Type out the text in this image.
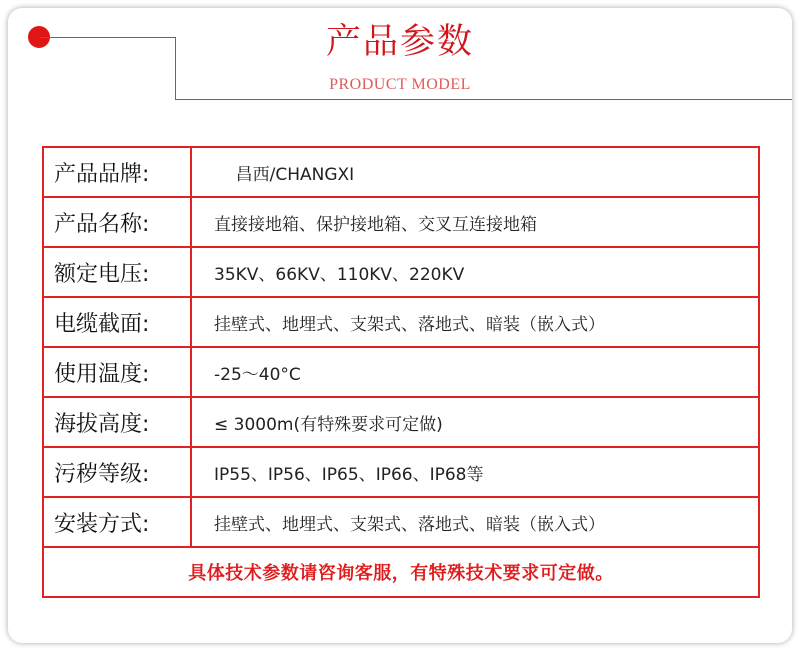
产品参数
PRODUCT MODEL
产品品牌:	昌西/CHANGXI
产品名称:	直接接地箱、保护接地箱、交叉互连接地箱
额定电压:	35KV、66KV、110KV、220KV
电缆截面:	挂壁式、地埋式、支架式、落地式、暗装（嵌入式）
使用温度:	-25～40°C
海拔高度:	≤ 3000m(有特殊要求可定做)
污秽等级:	IP55、IP56、IP65、IP66、IP68等
安装方式:	挂壁式、地埋式、支架式、落地式、暗装（嵌入式）
具体技术参数请咨询客服，有特殊技术要求可定做。	
